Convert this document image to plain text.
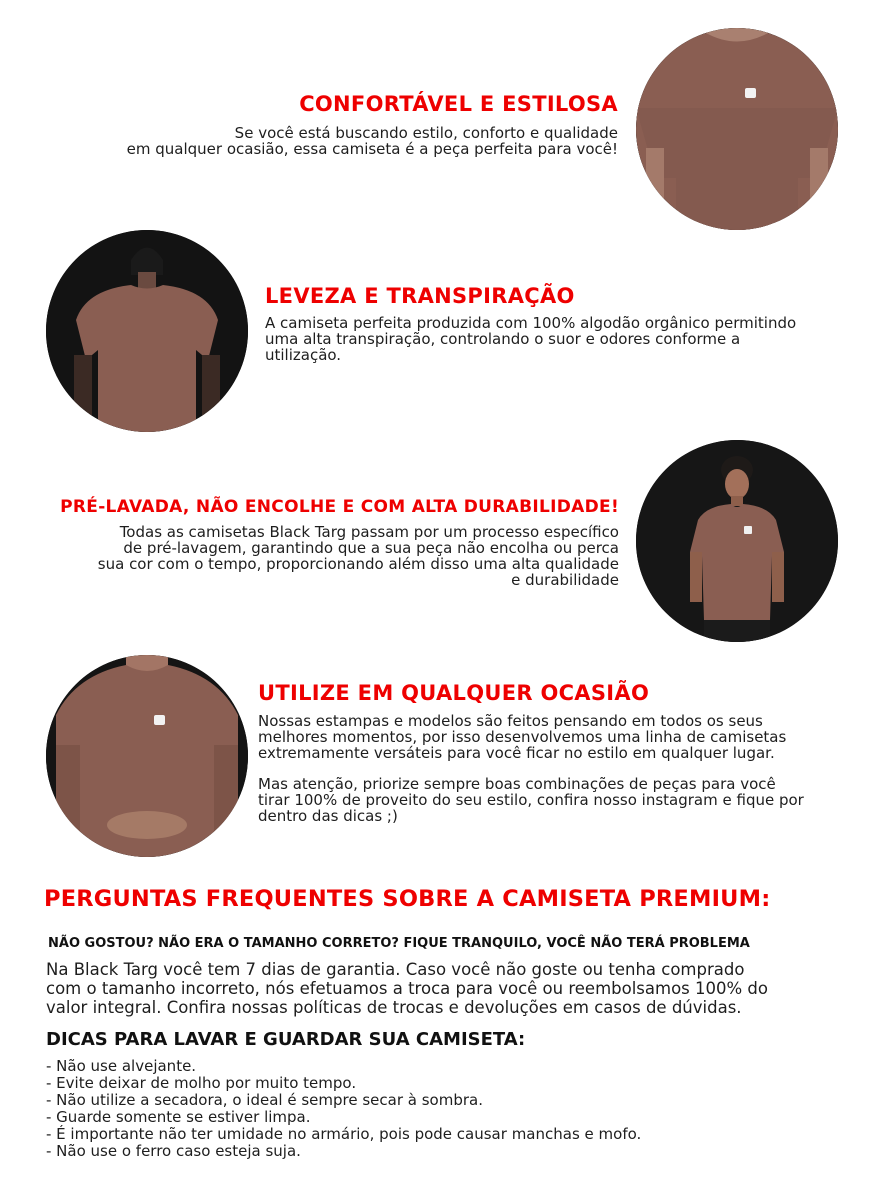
CONFORTÁVEL E ESTILOSA

Se você está buscando estilo, conforto e qualidade
em qualquer ocasião, essa camiseta é a peça perfeita para você!

LEVEZA E TRANSPIRAÇÃO

A camiseta perfeita produzida com 100% algodão orgânico permitindo
uma alta transpiração, controlando o suor e odores conforme a
utilização.

PRÉ-LAVADA, NÃO ENCOLHE E COM ALTA DURABILIDADE!

Todas as camisetas Black Targ passam por um processo específico
de pré-lavagem, garantindo que a sua peça não encolha ou perca
sua cor com o tempo, proporcionando além disso uma alta qualidade
e durabilidade

UTILIZE EM QUALQUER OCASIÃO

Nossas estampas e modelos são feitos pensando em todos os seus
melhores momentos, por isso desenvolvemos uma linha de camisetas
extremamente versáteis para você ficar no estilo em qualquer lugar.

Mas atenção, priorize sempre boas combinações de peças para você
tirar 100% de proveito do seu estilo, confira nosso instagram e fique por
dentro das dicas ;)

PERGUNTAS FREQUENTES SOBRE A CAMISETA PREMIUM:

NÃO GOSTOU? NÃO ERA O TAMANHO CORRETO? FIQUE TRANQUILO, VOCÊ NÃO TERÁ PROBLEMA

Na Black Targ você tem 7 dias de garantia. Caso você não goste ou tenha comprado
com o tamanho incorreto, nós efetuamos a troca para você ou reembolsamos 100% do
valor integral. Confira nossas políticas de trocas e devoluções em casos de dúvidas.

DICAS PARA LAVAR E GUARDAR SUA CAMISETA:
- Não use alvejante.
- Evite deixar de molho por muito tempo.
- Não utilize a secadora, o ideal é sempre secar à sombra.
- Guarde somente se estiver limpa.
- É importante não ter umidade no armário, pois pode causar manchas e mofo.
- Não use o ferro caso esteja suja.
